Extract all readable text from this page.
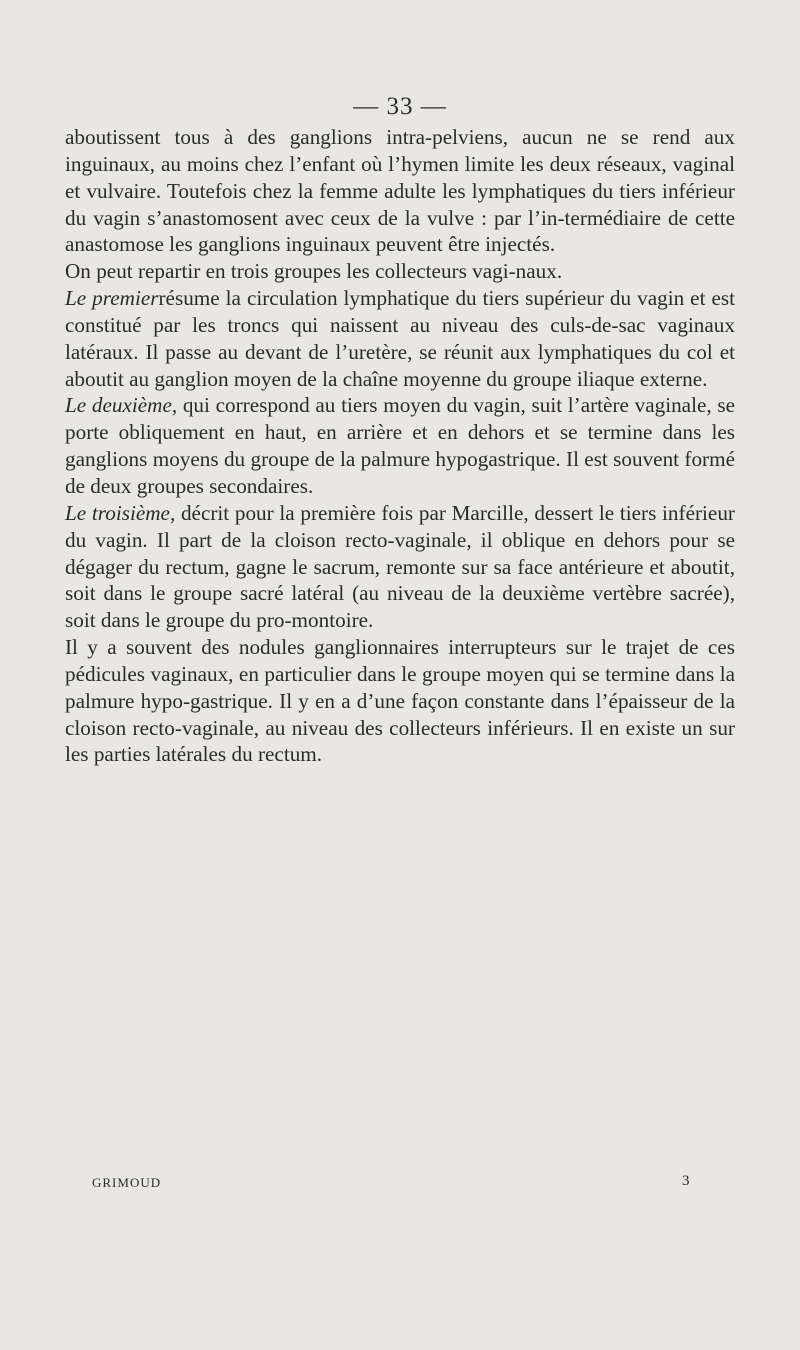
— 33 —

aboutissent tous à des ganglions intra-pelviens, aucun ne se rend aux inguinaux, au moins chez l’enfant où l’hymen limite les deux réseaux, vaginal et vulvaire. Toutefois chez la femme adulte les lymphatiques du tiers inférieur du vagin s’anastomosent avec ceux de la vulve : par l’in-termédiaire de cette anastomose les ganglions inguinaux peuvent être injectés.

On peut repartir en trois groupes les collecteurs vagi-naux.

Le premierrésume la circulation lymphatique du tiers supérieur du vagin et est constitué par les troncs qui naissent au niveau des culs-de-sac vaginaux latéraux. Il passe au devant de l’uretère, se réunit aux lymphatiques du col et aboutit au ganglion moyen de la chaîne moyenne du groupe iliaque externe.

Le deuxième, qui correspond au tiers moyen du vagin, suit l’artère vaginale, se porte obliquement en haut, en arrière et en dehors et se termine dans les ganglions moyens du groupe de la palmure hypogastrique. Il est souvent formé de deux groupes secondaires.

Le troisième, décrit pour la première fois par Marcille, dessert le tiers inférieur du vagin. Il part de la cloison recto-vaginale, il oblique en dehors pour se dégager du rectum, gagne le sacrum, remonte sur sa face antérieure et aboutit, soit dans le groupe sacré latéral (au niveau de la deuxième vertèbre sacrée), soit dans le groupe du pro-montoire.

Il y a souvent des nodules ganglionnaires interrupteurs sur le trajet de ces pédicules vaginaux, en particulier dans le groupe moyen qui se termine dans la palmure hypo-gastrique. Il y en a d’une façon constante dans l’épaisseur de la cloison recto-vaginale, au niveau des collecteurs inférieurs. Il en existe un sur les parties latérales du rectum.

GRIMOUD	3
